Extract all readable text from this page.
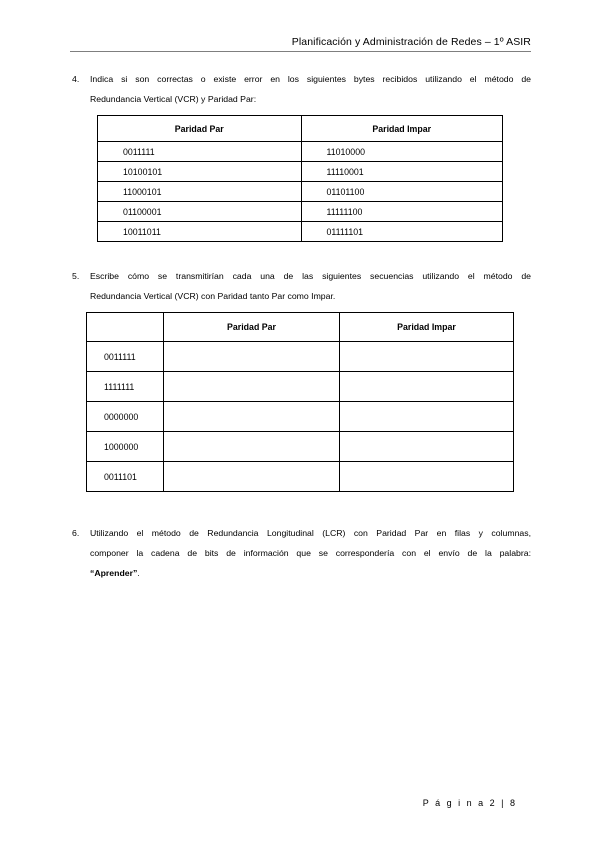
Planificación y Administración de Redes – 1º ASIR
4. Indica si son correctas o existe error en los siguientes bytes recibidos utilizando el método de
Redundancia Vertical (VCR) y Paridad Par:
Paridad Par	Paridad Impar
0011111	11010000
10100101	11110001
11000101	01101100
01100001	11111100
10011011	01111101
5. Escribe cómo se transmitirían cada una de las siguientes secuencias utilizando el método de
Redundancia Vertical (VCR) con Paridad tanto Par como Impar.
	Paridad Par	Paridad Impar
0011111		
1111111		
0000000		
1000000		
0011101		
6. Utilizando el método de Redundancia Longitudinal (LCR) con Paridad Par en filas y columnas,
componer la cadena de bits de información que se correspondería con el envío de la palabra:
“Aprender”.
P á g i n a 2 | 8
